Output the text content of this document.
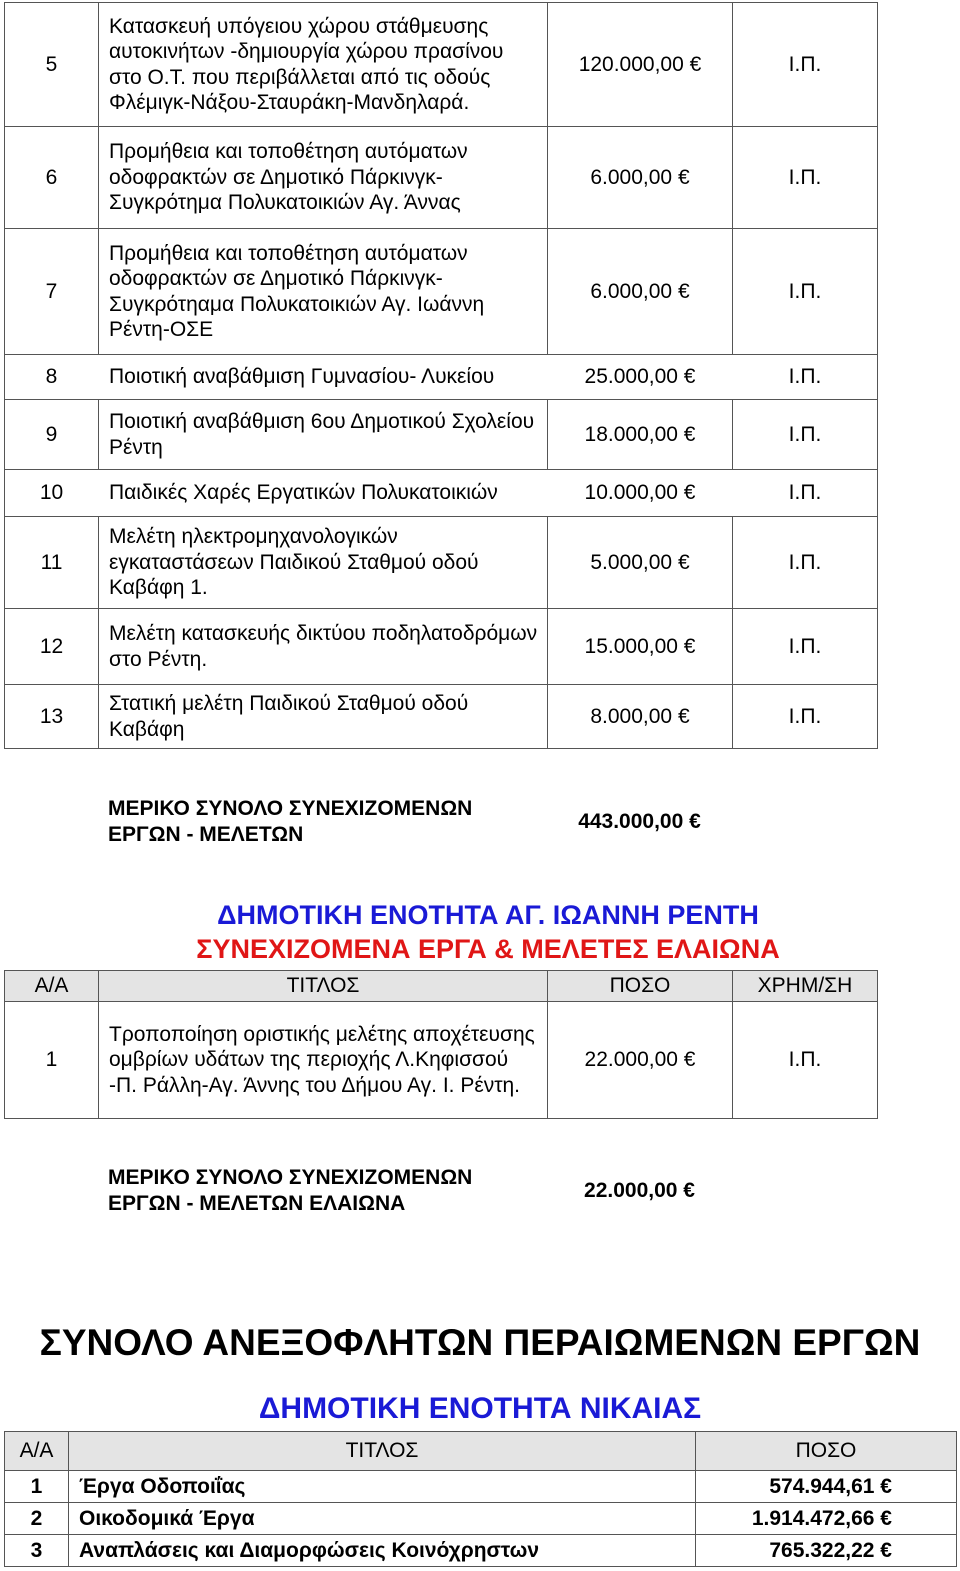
5	Κατασκευή υπόγειου χώρου στάθμευσης αυτοκινήτων -δημιουργία χώρου πρασίνου στο Ο.Τ. που περιβάλλεται από τις οδούς Φλέμιγκ-Νάξου-Σταυράκη-Μανδηλαρά.	120.000,00 €	Ι.Π.
6	Προμήθεια και τοποθέτηση αυτόματων οδοφρακτών σε Δημοτικό Πάρκινγκ- Συγκρότημα Πολυκατοικιών Αγ. Άννας	6.000,00 €	Ι.Π.
7	Προμήθεια και τοποθέτηση αυτόματων οδοφρακτών σε Δημοτικό Πάρκινγκ- Συγκρότηαμα Πολυκατοικιών Αγ. Ιωάννη Ρέντη-ΟΣΕ	6.000,00 €	Ι.Π.
8	Ποιοτική αναβάθμιση Γυμνασίου- Λυκείου	25.000,00 €	Ι.Π.
9	Ποιοτική αναβάθμιση 6ου Δημοτικού Σχολείου Ρέντη	18.000,00 €	Ι.Π.
10	Παιδικές Χαρές Εργατικών Πολυκατοικιών	10.000,00 €	Ι.Π.
11	Μελέτη ηλεκτρομηχανολογικών εγκαταστάσεων Παιδικού Σταθμού οδού Καβάφη 1.	5.000,00 €	Ι.Π.
12	Μελέτη κατασκευής δικτύου ποδηλατοδρόμων στο Ρέντη.	15.000,00 €	Ι.Π.
13	Στατική μελέτη Παιδικού Σταθμού οδού Καβάφη	8.000,00 €	Ι.Π.
ΜΕΡΙΚΟ ΣΥΝΟΛΟ ΣΥΝΕΧΙΖΟΜΕΝΩΝ
ΕΡΓΩΝ - ΜΕΛΕΤΩΝ
443.000,00 €
ΔΗΜΟΤΙΚΗ ΕΝΟΤΗΤΑ ΑΓ. ΙΩΑΝΝΗ ΡΕΝΤΗ
ΣΥΝΕΧΙΖΟΜΕΝΑ ΕΡΓΑ & ΜΕΛΕΤΕΣ ΕΛΑΙΩΝΑ
Α/Α	ΤΙΤΛΟΣ	ΠΟΣΟ	ΧΡΗΜ/ΣΗ
1	Τροποποίηση οριστικής μελέτης αποχέτευσης ομβρίων υδάτων της περιοχής Λ.Κηφισσού -Π. Ράλλη-Αγ. Άννης του Δήμου Αγ. Ι. Ρέντη.	22.000,00 €	Ι.Π.
ΜΕΡΙΚΟ ΣΥΝΟΛΟ ΣΥΝΕΧΙΖΟΜΕΝΩΝ
ΕΡΓΩΝ - ΜΕΛΕΤΩΝ ΕΛΑΙΩΝΑ
22.000,00 €
ΣΥΝΟΛΟ ΑΝΕΞΟΦΛΗΤΩΝ ΠΕΡΑΙΩΜΕΝΩΝ ΕΡΓΩΝ
ΔΗΜΟΤΙΚΗ ΕΝΟΤΗΤΑ ΝΙΚΑΙΑΣ
Α/Α	ΤΙΤΛΟΣ	ΠΟΣΟ
1	Έργα Οδοποιΐας	574.944,61 €
2	Οικοδομικά Έργα	1.914.472,66 €
3	Αναπλάσεις και Διαμορφώσεις Κοινόχρηστων	765.322,22 €
